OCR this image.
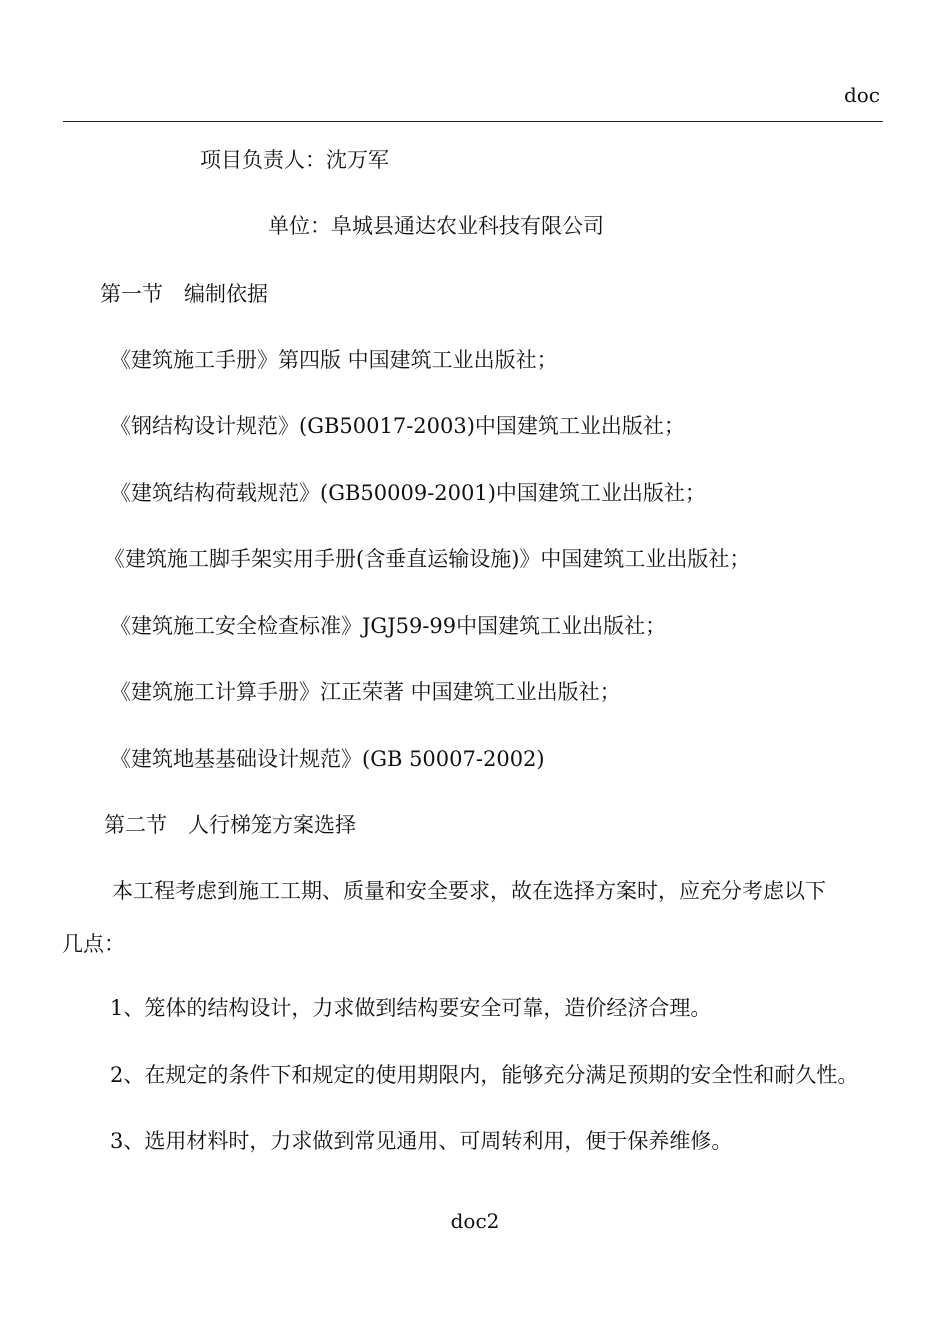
doc
项目负责人：沈万军
单位：阜城县通达农业科技有限公司
第一节　编制依据
《建筑施工手册》第四版 中国建筑工业出版社；
《钢结构设计规范》(GB50017-2003)中国建筑工业出版社；
《建筑结构荷载规范》(GB50009-2001)中国建筑工业出版社；
《建筑施工脚手架实用手册(含垂直运输设施)》中国建筑工业出版社；
《建筑施工安全检查标准》JGJ59-99中国建筑工业出版社；
《建筑施工计算手册》江正荣著 中国建筑工业出版社；
《建筑地基基础设计规范》(GB 50007-2002)
第二节　人行梯笼方案选择
本工程考虑到施工工期、质量和安全要求，故在选择方案时，应充分考虑以下
几点：
1、笼体的结构设计，力求做到结构要安全可靠，造价经济合理。
2、在规定的条件下和规定的使用期限内，能够充分满足预期的安全性和耐久性。
3、选用材料时，力求做到常见通用、可周转利用，便于保养维修。
doc2
